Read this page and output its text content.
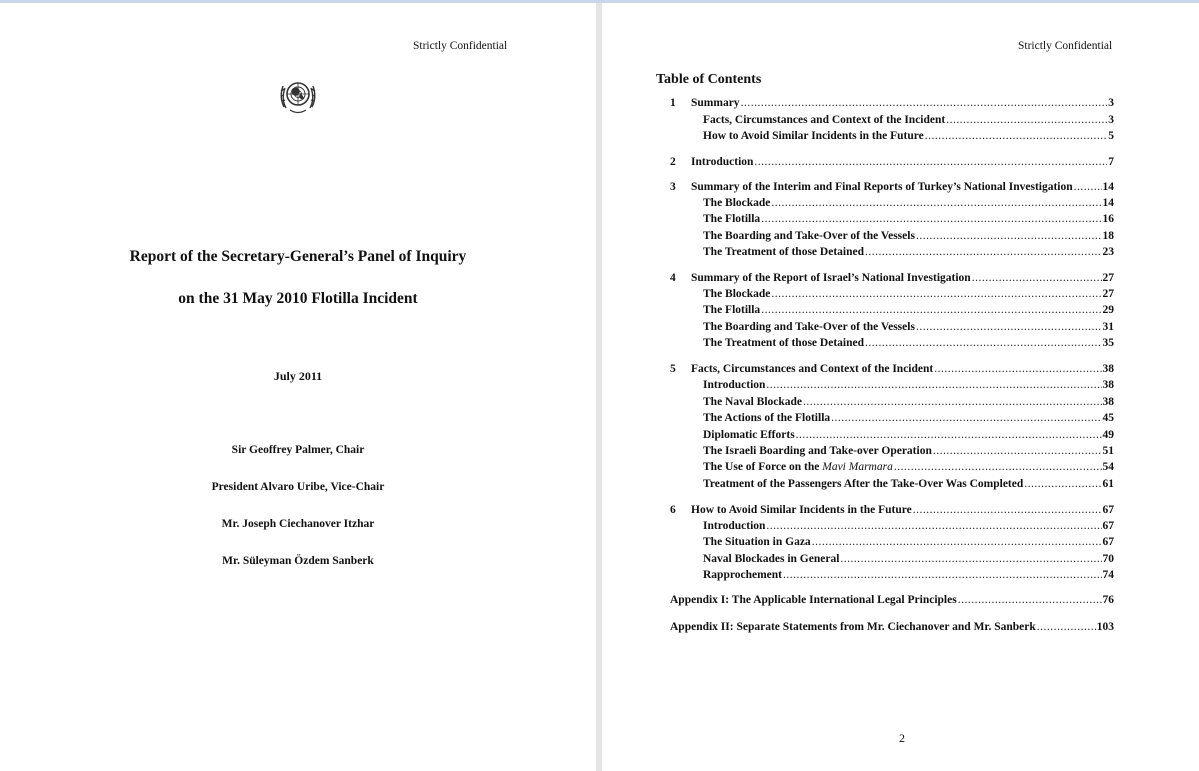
Strictly Confidential
Report of the Secretary-General’s Panel of Inquiry
on the 31 May 2010 Flotilla Incident
July 2011
Sir Geoffrey Palmer, Chair
President Alvaro Uribe, Vice-Chair
Mr. Joseph Ciechanover Itzhar
Mr. Süleyman Özdem Sanberk
Strictly Confidential
Table of Contents
1 Summary .....	3
Facts, Circumstances and Context of the Incident .....	3
How to Avoid Similar Incidents in the Future .....	5
2 Introduction .....	7
3 Summary of the Interim and Final Reports of Turkey’s National Investigation .....	14
The Blockade .....	14
The Flotilla .....	16
The Boarding and Take-Over of the Vessels .....	18
The Treatment of those Detained .....	23
4 Summary of the Report of Israel’s National Investigation .....	27
The Blockade .....	27
The Flotilla .....	29
The Boarding and Take-Over of the Vessels .....	31
The Treatment of those Detained .....	35
5 Facts, Circumstances and Context of the Incident .....	38
Introduction .....	38
The Naval Blockade .....	38
The Actions of the Flotilla .....	45
Diplomatic Efforts .....	49
The Israeli Boarding and Take-over Operation .....	51
The Use of Force on the Mavi Marmara .....	54
Treatment of the Passengers After the Take-Over Was Completed .....	61
6 How to Avoid Similar Incidents in the Future .....	67
Introduction .....	67
The Situation in Gaza .....	67
Naval Blockades in General .....	70
Rapprochement .....	74
Appendix I: The Applicable International Legal Principles .....	76
Appendix II: Separate Statements from Mr. Ciechanover and Mr. Sanberk .....	103
2
